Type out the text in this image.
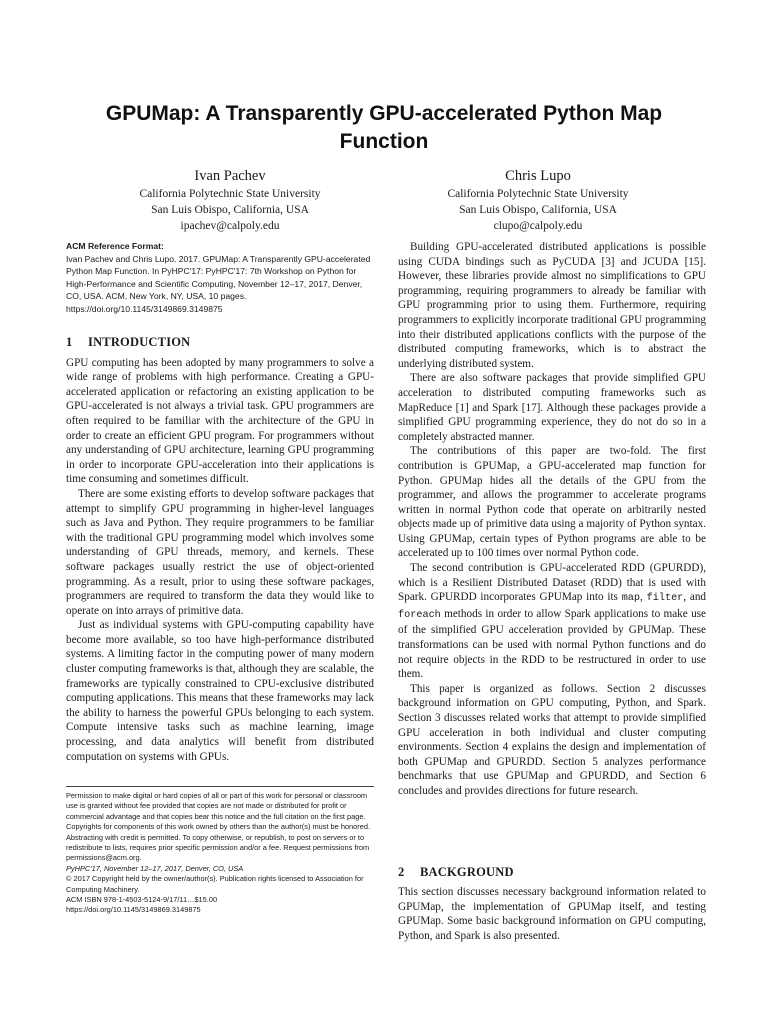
GPUMap: A Transparently GPU-accelerated Python Map Function
Ivan Pachev
California Polytechnic State University
San Luis Obispo, California, USA
ipachev@calpoly.edu
Chris Lupo
California Polytechnic State University
San Luis Obispo, California, USA
clupo@calpoly.edu
ACM Reference Format:
Ivan Pachev and Chris Lupo. 2017. GPUMap: A Transparently GPU-accelerated Python Map Function. In PyHPC'17: PyHPC'17: 7th Workshop on Python for High-Performance and Scientific Computing, November 12–17, 2017, Denver, CO, USA. ACM, New York, NY, USA, 10 pages. https://doi.org/10.1145/3149869.3149875
1 INTRODUCTION

GPU computing has been adopted by many programmers to solve a wide range of problems with high performance. Creating a GPU-accelerated application or refactoring an existing application to be GPU-accelerated is not always a trivial task. GPU programmers are often required to be familiar with the architecture of the GPU in order to create an efficient GPU program. For programmers without any understanding of GPU architecture, learning GPU programming in order to incorporate GPU-acceleration into their applications is time consuming and sometimes difficult.

There are some existing efforts to develop software packages that attempt to simplify GPU programming in higher-level languages such as Java and Python. They require programmers to be familiar with the traditional GPU programming model which involves some understanding of GPU threads, memory, and kernels. These software packages usually restrict the use of object-oriented programming. As a result, prior to using these software packages, programmers are required to transform the data they would like to operate on into arrays of primitive data.

Just as individual systems with GPU-computing capability have become more available, so too have high-performance distributed systems. A limiting factor in the computing power of many modern cluster computing frameworks is that, although they are scalable, the frameworks are typically constrained to CPU-exclusive distributed computing applications. This means that these frameworks may lack the ability to harness the powerful GPUs belonging to each system. Compute intensive tasks such as machine learning, image processing, and data analytics will benefit from distributed computation on systems with GPUs.

Permission to make digital or hard copies of all or part of this work for personal or classroom use is granted without fee provided that copies are not made or distributed for profit or commercial advantage and that copies bear this notice and the full citation on the first page. Copyrights for components of this work owned by others than the author(s) must be honored. Abstracting with credit is permitted. To copy otherwise, or republish, to post on servers or to redistribute to lists, requires prior specific permission and/or a fee. Request permissions from permissions@acm.org.

PyHPC'17, November 12–17, 2017, Denver, CO, USA

© 2017 Copyright held by the owner/author(s). Publication rights licensed to Association for Computing Machinery.

ACM ISBN 978-1-4503-5124-9/17/11…$15.00

https://doi.org/10.1145/3149869.3149875

Building GPU-accelerated distributed applications is possible using CUDA bindings such as PyCUDA [3] and JCUDA [15]. However, these libraries provide almost no simplifications to GPU programming, requiring programmers to already be familiar with GPU programming prior to using them. Furthermore, requiring programmers to explicitly incorporate traditional GPU programming into their distributed applications conflicts with the purpose of the distributed computing frameworks, which is to abstract the underlying distributed system.

There are also software packages that provide simplified GPU acceleration to distributed computing frameworks such as MapReduce [1] and Spark [17]. Although these packages provide a simplified GPU programming experience, they do not do so in a completely abstracted manner.

The contributions of this paper are two-fold. The first contribution is GPUMap, a GPU-accelerated map function for Python. GPUMap hides all the details of the GPU from the programmer, and allows the programmer to accelerate programs written in normal Python code that operate on arbitrarily nested objects made up of primitive data using a majority of Python syntax. Using GPUMap, certain types of Python programs are able to be accelerated up to 100 times over normal Python code.

The second contribution is GPU-accelerated RDD (GPURDD), which is a Resilient Distributed Dataset (RDD) that is used with Spark. GPURDD incorporates GPUMap into its map, filter, and foreach methods in order to allow Spark applications to make use of the simplified GPU acceleration provided by GPUMap. These transformations can be used with normal Python functions and do not require objects in the RDD to be restructured in order to use them.

This paper is organized as follows. Section 2 discusses background information on GPU computing, Python, and Spark. Section 3 discusses related works that attempt to provide simplified GPU acceleration in both individual and cluster computing environments. Section 4 explains the design and implementation of both GPUMap and GPURDD. Section 5 analyzes performance benchmarks that use GPUMap and GPURDD, and Section 6 concludes and provides directions for future research.

2 BACKGROUND

This section discusses necessary background information related to GPUMap, the implementation of GPUMap itself, and testing GPUMap. Some basic background information on GPU computing, Python, and Spark is also presented.
